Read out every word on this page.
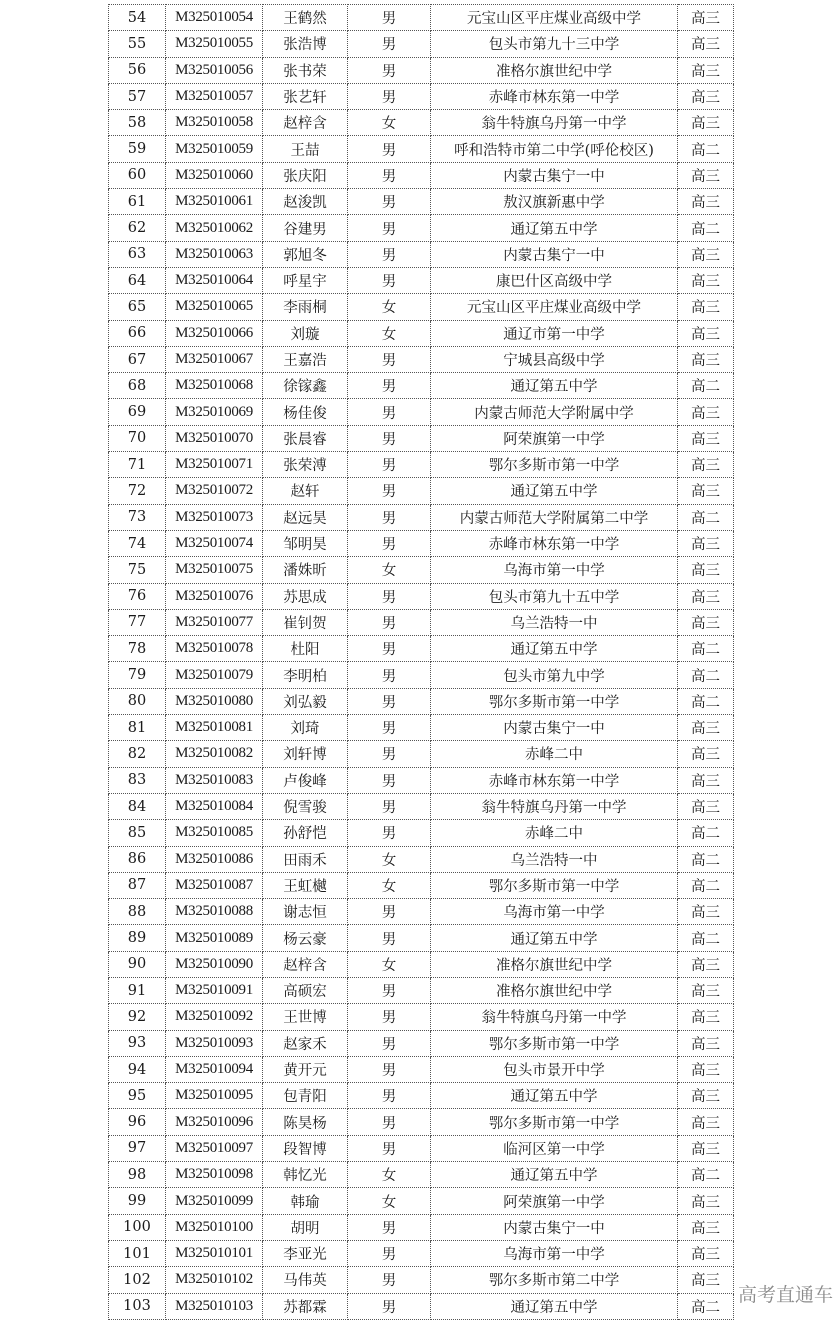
54	M325010054	王鹤然	男	元宝山区平庄煤业高级中学	高三
55	M325010055	张浩博	男	包头市第九十三中学	高三
56	M325010056	张书荣	男	准格尔旗世纪中学	高三
57	M325010057	张艺轩	男	赤峰市林东第一中学	高三
58	M325010058	赵梓含	女	翁牛特旗乌丹第一中学	高三
59	M325010059	王喆	男	呼和浩特市第二中学(呼伦校区)	高二
60	M325010060	张庆阳	男	内蒙古集宁一中	高三
61	M325010061	赵浚凯	男	敖汉旗新惠中学	高三
62	M325010062	谷建男	男	通辽第五中学	高二
63	M325010063	郭旭冬	男	内蒙古集宁一中	高三
64	M325010064	呼星宇	男	康巴什区高级中学	高三
65	M325010065	李雨桐	女	元宝山区平庄煤业高级中学	高三
66	M325010066	刘璇	女	通辽市第一中学	高三
67	M325010067	王嘉浩	男	宁城县高级中学	高三
68	M325010068	徐镓鑫	男	通辽第五中学	高二
69	M325010069	杨佳俊	男	内蒙古师范大学附属中学	高三
70	M325010070	张晨睿	男	阿荣旗第一中学	高三
71	M325010071	张荣溥	男	鄂尔多斯市第一中学	高三
72	M325010072	赵轩	男	通辽第五中学	高三
73	M325010073	赵远昊	男	内蒙古师范大学附属第二中学	高二
74	M325010074	邹明昊	男	赤峰市林东第一中学	高三
75	M325010075	潘姝昕	女	乌海市第一中学	高三
76	M325010076	苏思成	男	包头市第九十五中学	高三
77	M325010077	崔钊贺	男	乌兰浩特一中	高三
78	M325010078	杜阳	男	通辽第五中学	高二
79	M325010079	李明柏	男	包头市第九中学	高二
80	M325010080	刘弘毅	男	鄂尔多斯市第一中学	高二
81	M325010081	刘琦	男	内蒙古集宁一中	高三
82	M325010082	刘轩博	男	赤峰二中	高三
83	M325010083	卢俊峰	男	赤峰市林东第一中学	高三
84	M325010084	倪雪骏	男	翁牛特旗乌丹第一中学	高三
85	M325010085	孙舒恺	男	赤峰二中	高二
86	M325010086	田雨禾	女	乌兰浩特一中	高二
87	M325010087	王虹樾	女	鄂尔多斯市第一中学	高二
88	M325010088	谢志恒	男	乌海市第一中学	高三
89	M325010089	杨云豪	男	通辽第五中学	高二
90	M325010090	赵梓含	女	准格尔旗世纪中学	高三
91	M325010091	高硕宏	男	准格尔旗世纪中学	高三
92	M325010092	王世博	男	翁牛特旗乌丹第一中学	高三
93	M325010093	赵家禾	男	鄂尔多斯市第一中学	高三
94	M325010094	黄开元	男	包头市景开中学	高三
95	M325010095	包青阳	男	通辽第五中学	高三
96	M325010096	陈昊杨	男	鄂尔多斯市第一中学	高三
97	M325010097	段智博	男	临河区第一中学	高三
98	M325010098	韩忆光	女	通辽第五中学	高二
99	M325010099	韩瑜	女	阿荣旗第一中学	高三
100	M325010100	胡明	男	内蒙古集宁一中	高三
101	M325010101	李亚光	男	乌海市第一中学	高三
102	M325010102	马伟英	男	鄂尔多斯市第二中学	高三
103	M325010103	苏都霖	男	通辽第五中学	高二
高考直通车
